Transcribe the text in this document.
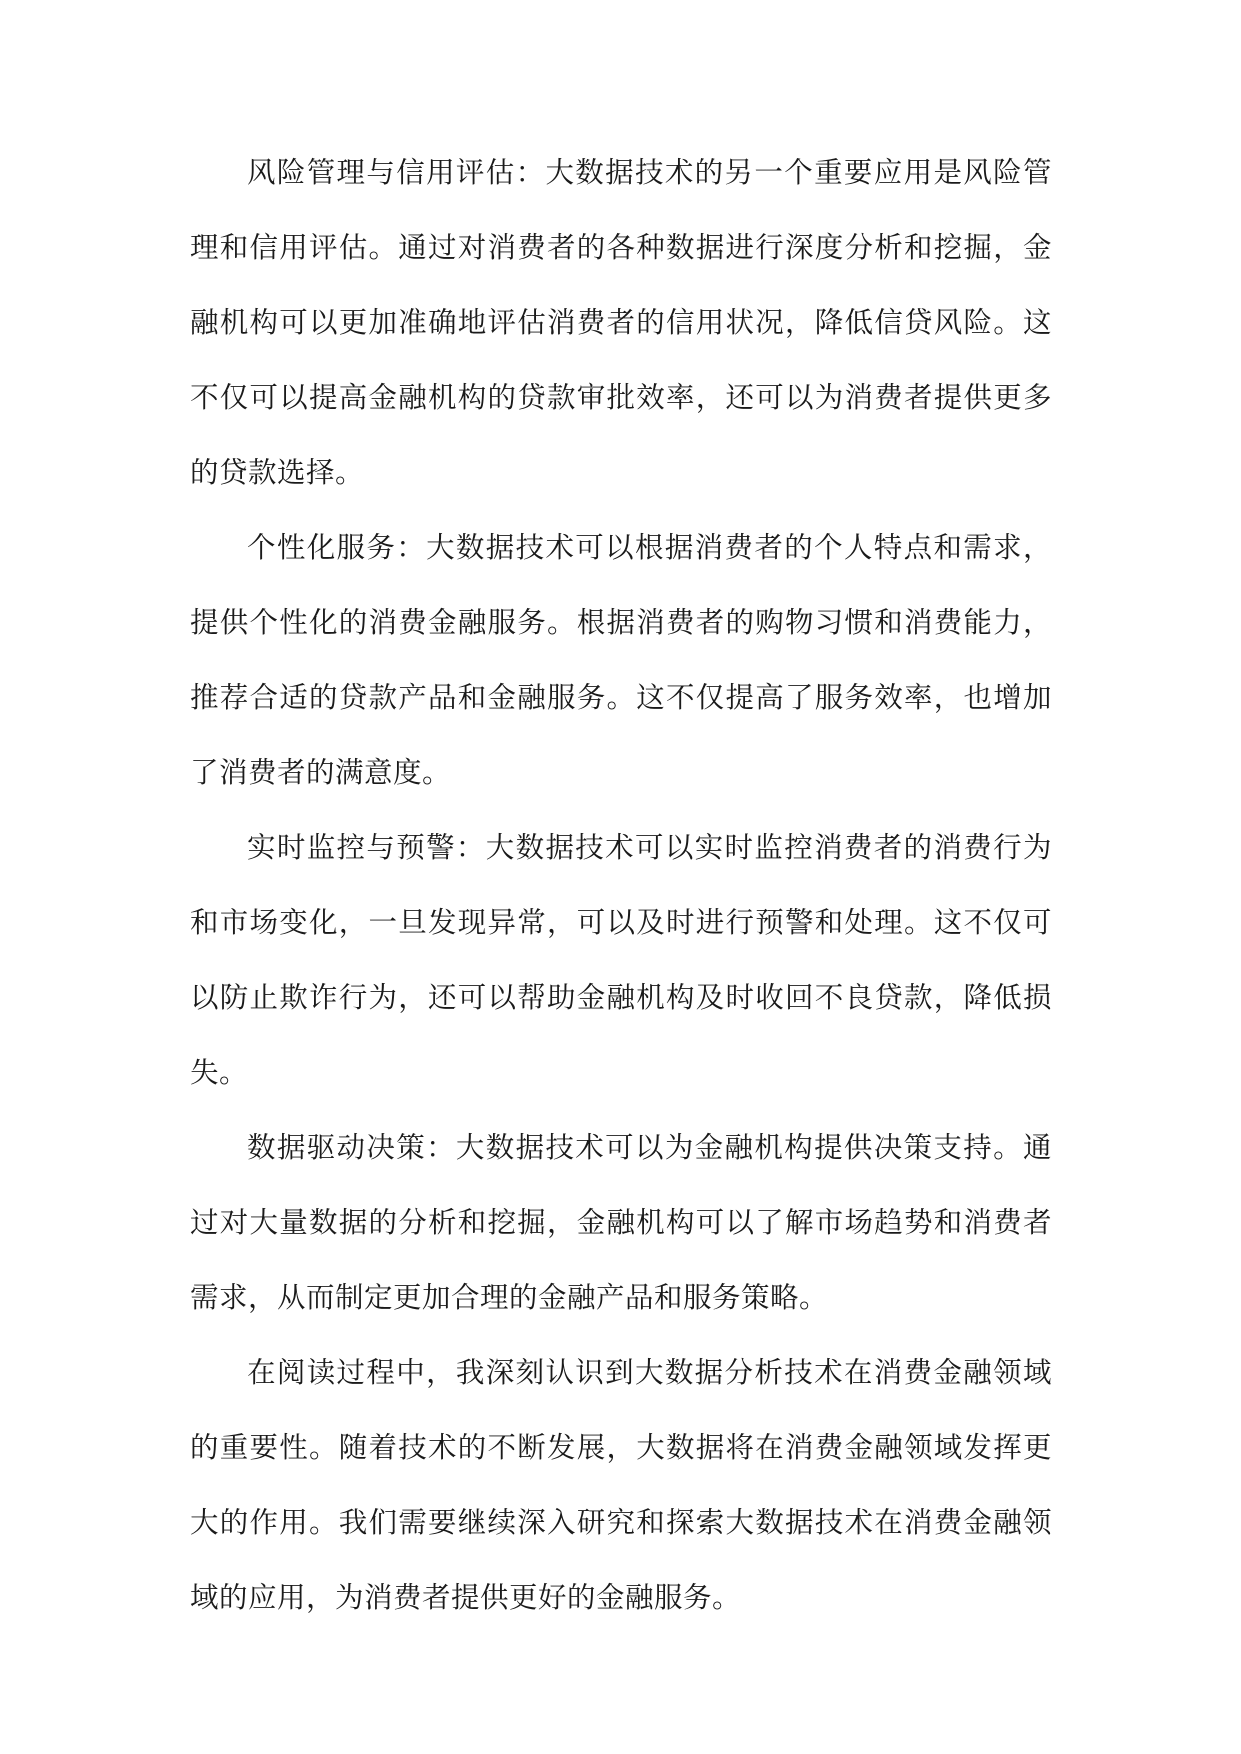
风险管理与信用评估：大数据技术的另一个重要应用是风险管理和信用评估。通过对消费者的各种数据进行深度分析和挖掘，金融机构可以更加准确地评估消费者的信用状况，降低信贷风险。这不仅可以提高金融机构的贷款审批效率，还可以为消费者提供更多的贷款选择。

个性化服务：大数据技术可以根据消费者的个人特点和需求，提供个性化的消费金融服务。根据消费者的购物习惯和消费能力，推荐合适的贷款产品和金融服务。这不仅提高了服务效率，也增加了消费者的满意度。

实时监控与预警：大数据技术可以实时监控消费者的消费行为和市场变化，一旦发现异常，可以及时进行预警和处理。这不仅可以防止欺诈行为，还可以帮助金融机构及时收回不良贷款，降低损失。

数据驱动决策：大数据技术可以为金融机构提供决策支持。通过对大量数据的分析和挖掘，金融机构可以了解市场趋势和消费者需求，从而制定更加合理的金融产品和服务策略。

在阅读过程中，我深刻认识到大数据分析技术在消费金融领域的重要性。随着技术的不断发展，大数据将在消费金融领域发挥更大的作用。我们需要继续深入研究和探索大数据技术在消费金融领域的应用，为消费者提供更好的金融服务。
